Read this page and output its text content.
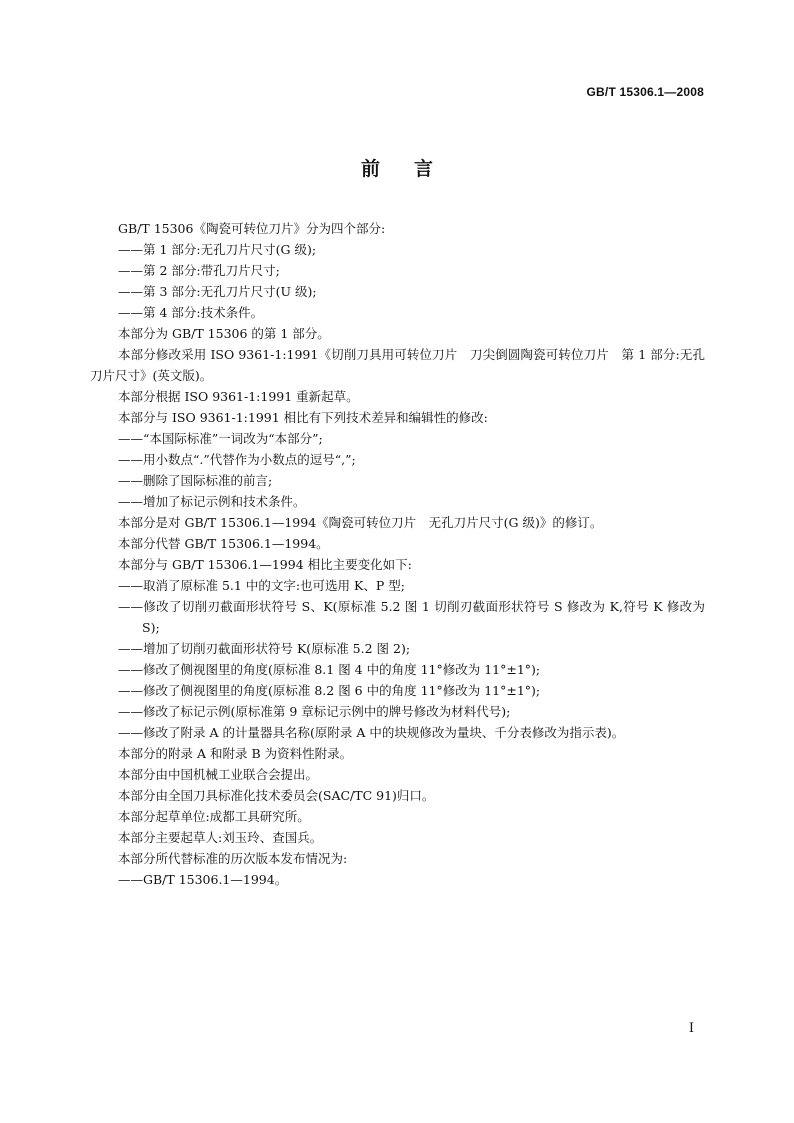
GB/T 15306.1—2008
前言

GB/T 15306《陶瓷可转位刀片》分为四个部分:

——第 1 部分:无孔刀片尺寸(G 级);

——第 2 部分:带孔刀片尺寸;

——第 3 部分:无孔刀片尺寸(U 级);

——第 4 部分:技术条件。

本部分为 GB/T 15306 的第 1 部分。

本部分修改采用 ISO 9361-1:1991《切削刀具用可转位刀片　刀尖倒圆陶瓷可转位刀片　第 1 部分:无孔刀片尺寸》(英文版)。

本部分根据 ISO 9361-1:1991 重新起草。

本部分与 ISO 9361-1:1991 相比有下列技术差异和编辑性的修改:

——“本国际标准”一词改为“本部分”;

——用小数点“.”代替作为小数点的逗号“,”;

——删除了国际标准的前言;

——增加了标记示例和技术条件。

本部分是对 GB/T 15306.1—1994《陶瓷可转位刀片　无孔刀片尺寸(G 级)》的修订。

本部分代替 GB/T 15306.1—1994。

本部分与 GB/T 15306.1—1994 相比主要变化如下:

——取消了原标准 5.1 中的文字:也可选用 K、P 型;

——修改了切削刃截面形状符号 S、K(原标准 5.2 图 1 切削刃截面形状符号 S 修改为 K,符号 K 修改为 S);

——增加了切削刃截面形状符号 K(原标准 5.2 图 2);

——修改了侧视图里的角度(原标准 8.1 图 4 中的角度 11°修改为 11°±1°);

——修改了侧视图里的角度(原标准 8.2 图 6 中的角度 11°修改为 11°±1°);

——修改了标记示例(原标准第 9 章标记示例中的牌号修改为材料代号);

——修改了附录 A 的计量器具名称(原附录 A 中的块规修改为量块、千分表修改为指示表)。

本部分的附录 A 和附录 B 为资料性附录。

本部分由中国机械工业联合会提出。

本部分由全国刀具标准化技术委员会(SAC/TC 91)归口。

本部分起草单位:成都工具研究所。

本部分主要起草人:刘玉玲、查国兵。

本部分所代替标准的历次版本发布情况为:

——GB/T 15306.1—1994。

I
